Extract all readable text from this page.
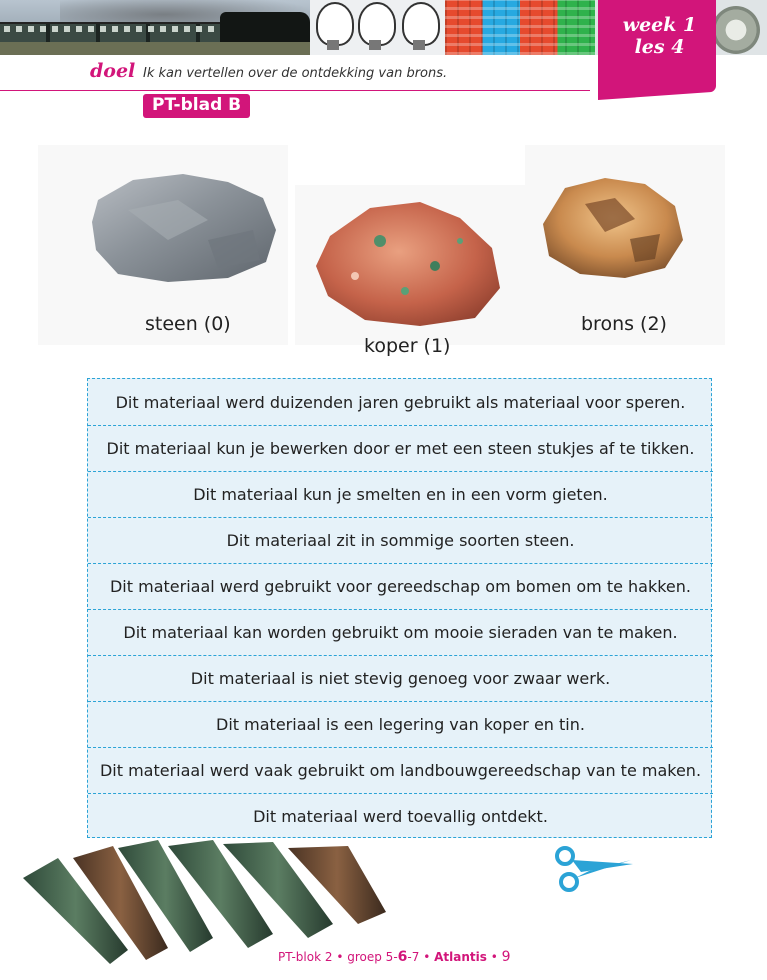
week 1
les 4
doel Ik kan vertellen over de ontdekking van brons.
PT-blad B
steen (0)
koper (1)
brons (2)
Dit materiaal werd duizenden jaren gebruikt als materiaal voor speren.
Dit materiaal kun je bewerken door er met een steen stukjes af te tikken.
Dit materiaal kun je smelten en in een vorm gieten.
Dit materiaal zit in sommige soorten steen.
Dit materiaal werd gebruikt voor gereedschap om bomen om te hakken.
Dit materiaal kan worden gebruikt om mooie sieraden van te maken.
Dit materiaal is niet stevig genoeg voor zwaar werk.
Dit materiaal is een legering van koper en tin.
Dit materiaal werd vaak gebruikt om landbouwgereedschap van te maken.
Dit materiaal werd toevallig ontdekt.
PT-blok 2 • groep 5-6-7 • Atlantis • 9
